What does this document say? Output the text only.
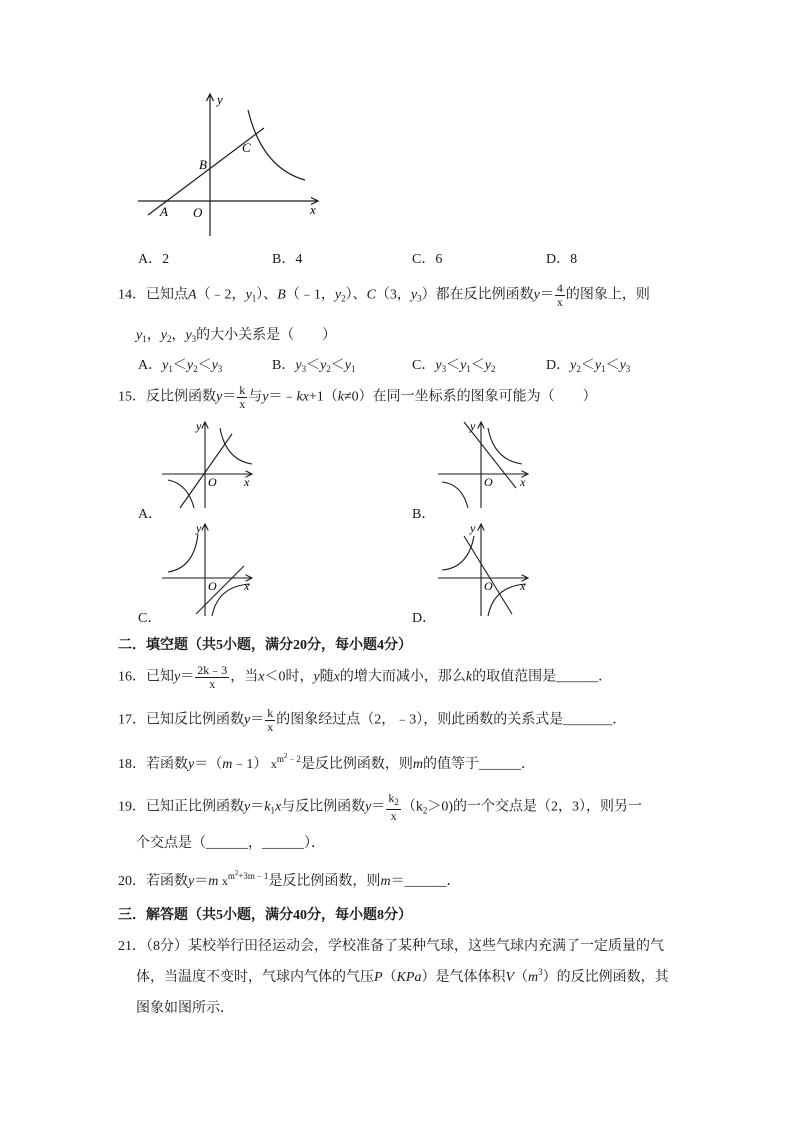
y
x
A
B
C
O
A．2	B．4	C．6	D．8
14．已知点A（﹣2，$y_1$）、B（﹣1，$y_2$）、C（3，$y_3$）都在反比例函数$y= \frac{4}{x}$ 的图象上，则
$y_1$，$y_2$，$y_3$的大小关系是（　　）
A．$y_1<y_2<y_3$	B．$y_3<y_2<y_1$	C．$y_3<y_1<y_2$	D．$y_2<y_1<y_3$
15．反比例函数$y= \frac{k}{x}$ 与y＝﹣kx+1（k≠0）在同一坐标系的图象可能为（　　）
y
x
O
A．
y
x
O
B．
y
x
O
C．
y
x
O
D．
二．填空题（共5小题，满分20分，每小题4分）
16．已知$y= \frac{2k﹣3}{x}$ ，当x＜0时，y随x的增大而减小，那么k的取值范围是______．
17．已知反比例函数$y= \frac{k}{x}$ 的图象经过点（2，﹣3），则此函数的关系式是_______．
18．若函数y＝（m﹣1） $x^{m^2﹣2}$是反比例函数，则m的值等于______．
19．已知正比例函数$y=k_1x$与反比例函数$y= \frac{k_2}{x} (k_2>0)$的一个交点是（2，3），则另一
个交点是（______，______）．
20．若函数y＝m $x^{m^2+3m﹣1}$是反比例函数，则m＝______．
三．解答题（共5小题，满分40分，每小题8分）
21．（8分）某校举行田径运动会，学校准备了某种气球，这些气球内充满了一定质量的气
体，当温度不变时，气球内气体的气压P（KPa）是气体体积$V(m^3)$的反比例函数，其
图象如图所示．
